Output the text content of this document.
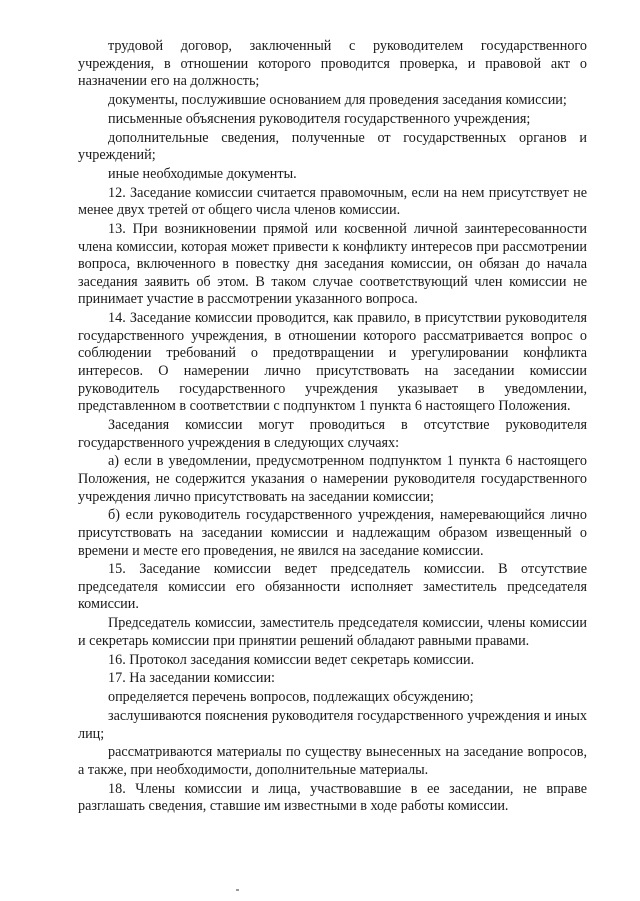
трудовой договор, заключенный с руководителем государственного учреждения, в отношении которого проводится проверка, и правовой акт о назначении его на должность;

документы, послужившие основанием для проведения заседания комиссии;

письменные объяснения руководителя государственного учреждения;

дополнительные сведения, полученные от государственных органов и учреждений;

иные необходимые документы.

12. Заседание комиссии считается правомочным, если на нем присутствует не менее двух третей от общего числа членов комиссии.

13. При возникновении прямой или косвенной личной заинтересованности члена комиссии, которая может привести к конфликту интересов при рассмотрении вопроса, включенного в повестку дня заседания комиссии, он обязан до начала заседания заявить об этом. В таком случае соответствующий член комиссии не принимает участие в рассмотрении указанного вопроса.

14. Заседание комиссии проводится, как правило, в присутствии руководителя государственного учреждения, в отношении которого рассматривается вопрос о соблюдении требований о предотвращении и урегулировании конфликта интересов. О намерении лично присутствовать на заседании комиссии руководитель государственного учреждения указывает в уведомлении, представленном в соответствии с подпунктом 1 пункта 6 настоящего Положения.

Заседания комиссии могут проводиться в отсутствие руководителя государственного учреждения в следующих случаях:

а) если в уведомлении, предусмотренном подпунктом 1 пункта 6 настоящего Положения, не содержится указания о намерении руководителя государственного учреждения лично присутствовать на заседании комиссии;

б) если руководитель государственного учреждения, намеревающийся лично присутствовать на заседании комиссии и надлежащим образом извещенный о времени и месте его проведения, не явился на заседание комиссии.

15. Заседание комиссии ведет председатель комиссии. В отсутствие председателя комиссии его обязанности исполняет заместитель председателя комиссии.

Председатель комиссии, заместитель председателя комиссии, члены комиссии и секретарь комиссии при принятии решений обладают равными правами.

16. Протокол заседания комиссии ведет секретарь комиссии.

17. На заседании комиссии:

определяется перечень вопросов, подлежащих обсуждению;

заслушиваются пояснения руководителя государственного учреждения и иных лиц;

рассматриваются материалы по существу вынесенных на заседание вопросов, а также, при необходимости, дополнительные материалы.

18. Члены комиссии и лица, участвовавшие в ее заседании, не вправе разглашать сведения, ставшие им известными в ходе работы комиссии.
